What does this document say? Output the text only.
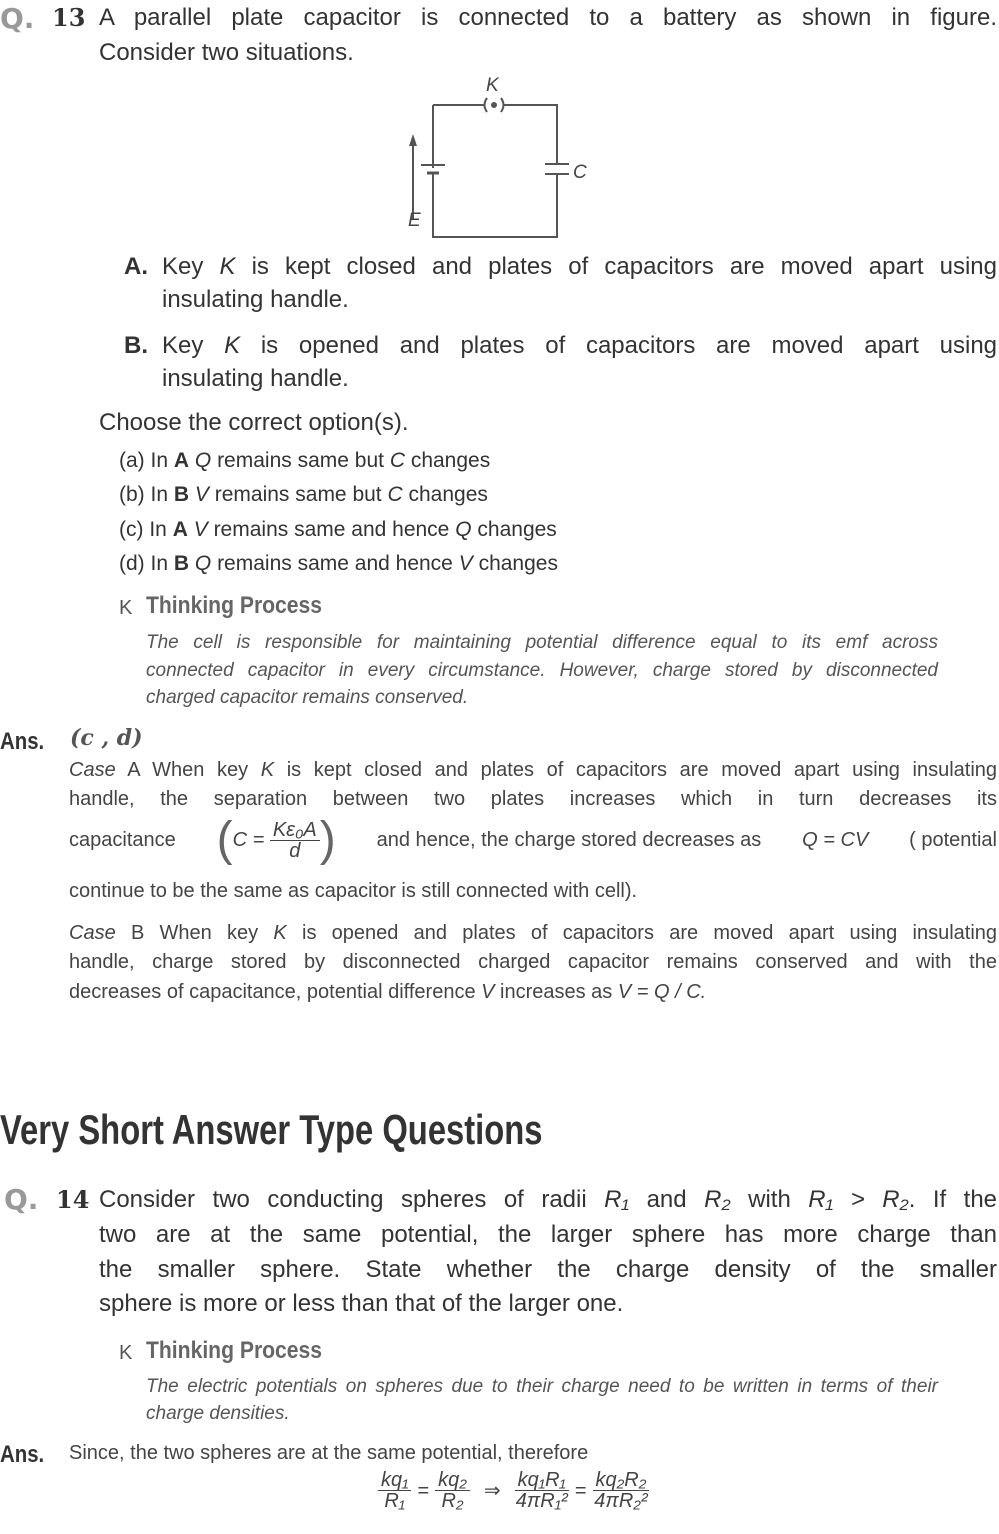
Q. 13 A parallel plate capacitor is connected to a battery as shown in figure.
Consider two situations.
K
C
E
A. Key K is kept closed and plates of capacitors are moved apart using
insulating handle.
B. Key K is opened and plates of capacitors are moved apart using
insulating handle.
Choose the correct option(s).
(a) In A Q remains same but C changes
(b) In B V remains same but C changes
(c) In A V remains same and hence Q changes
(d) In B Q remains same and hence V changes
K Thinking Process
The cell is responsible for maintaining potential difference equal to its emf across
connected capacitor in every circumstance. However, charge stored by disconnected
charged capacitor remains conserved.
Ans. (c , d)
Case A When key K is kept closed and plates of capacitors are moved apart using insulating
handle, the separation between two plates increases which in turn decreases its
capacitance ( C =
$\frac{\text{Kε₀A}}{d}$ ) and hence, the charge stored decreases as Q = CV ( potential
continue to be the same as capacitor is still connected with cell).
Case B When key K is opened and plates of capacitors are moved apart using insulating
handle, charge stored by disconnected charged capacitor remains conserved and with the
decreases of capacitance, potential difference V increases as V = Q / C.
Very Short Answer Type Questions
Q. 14 Consider two conducting spheres of radii R₁ and R₂ with R₁ > R₂. If the
two are at the same potential, the larger sphere has more charge than
the smaller sphere. State whether the charge density of the smaller
sphere is more or less than that of the larger one.
K Thinking Process
The electric potentials on spheres due to their charge need to be written in terms of their
charge densities.
Ans. Since, the two spheres are at the same potential, therefore
$\frac{\text{kq₁}}{\text{R₁}} = \frac{\text{kq₂}}{\text{R₂}}$ ⇒ $\frac{\text{kq₁R₁}}{\text{4πR₁²}} = \frac{\text{kq₂R₂}}{\text{4πR₂²}}$
